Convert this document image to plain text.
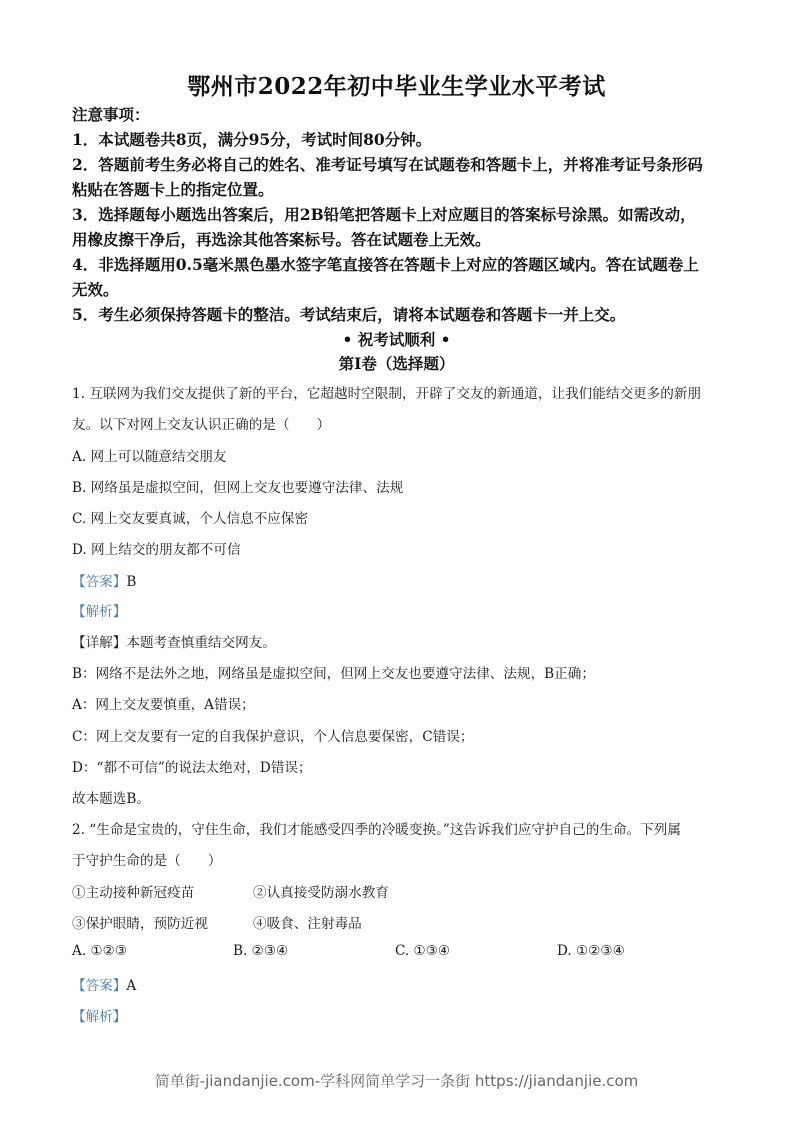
鄂州市2022年初中毕业生学业水平考试
注意事项：
1．本试题卷共8页，满分95分，考试时间80分钟。
2．答题前考生务必将自己的姓名、准考证号填写在试题卷和答题卡上，并将准考证号条形码
粘贴在答题卡上的指定位置。
3．选择题每小题选出答案后，用2B铅笔把答题卡上对应题目的答案标号涂黑。如需改动，
用橡皮擦干净后，再选涂其他答案标号。答在试题卷上无效。
4．非选择题用0.5毫米黑色墨水签字笔直接答在答题卡上对应的答题区域内。答在试题卷上
无效。
5．考生必须保持答题卡的整洁。考试结束后，请将本试题卷和答题卡一并上交。
• 祝考试顺利 •
第Ⅰ卷（选择题）
1. 互联网为我们交友提供了新的平台，它超越时空限制，开辟了交友的新通道，让我们能结交更多的新朋
友。以下对网上交友认识正确的是（　　）
A. 网上可以随意结交朋友
B. 网络虽是虚拟空间，但网上交友也要遵守法律、法规
C. 网上交友要真诚，个人信息不应保密
D. 网上结交的朋友都不可信
【答案】B
【解析】
【详解】本题考查慎重结交网友。
B：网络不是法外之地，网络虽是虚拟空间，但网上交友也要遵守法律、法规，B正确；
A：网上交友要慎重，A错误；
C：网上交友要有一定的自我保护意识，个人信息要保密，C错误；
D：“都不可信”的说法太绝对，D错误；
故本题选B。
2. “生命是宝贵的，守住生命，我们才能感受四季的冷暖变换。”这告诉我们应守护自己的生命。下列属
于守护生命的是（　　）
①主动接种新冠疫苗	②认真接受防溺水教育
③保护眼睛，预防近视	④吸食、注射毒品
A. ①②③	B. ②③④	C. ①③④	D. ①②③④
【答案】A
【解析】
简单街-jiandanjie.com-学科网简单学习一条街 https://jiandanjie.com
